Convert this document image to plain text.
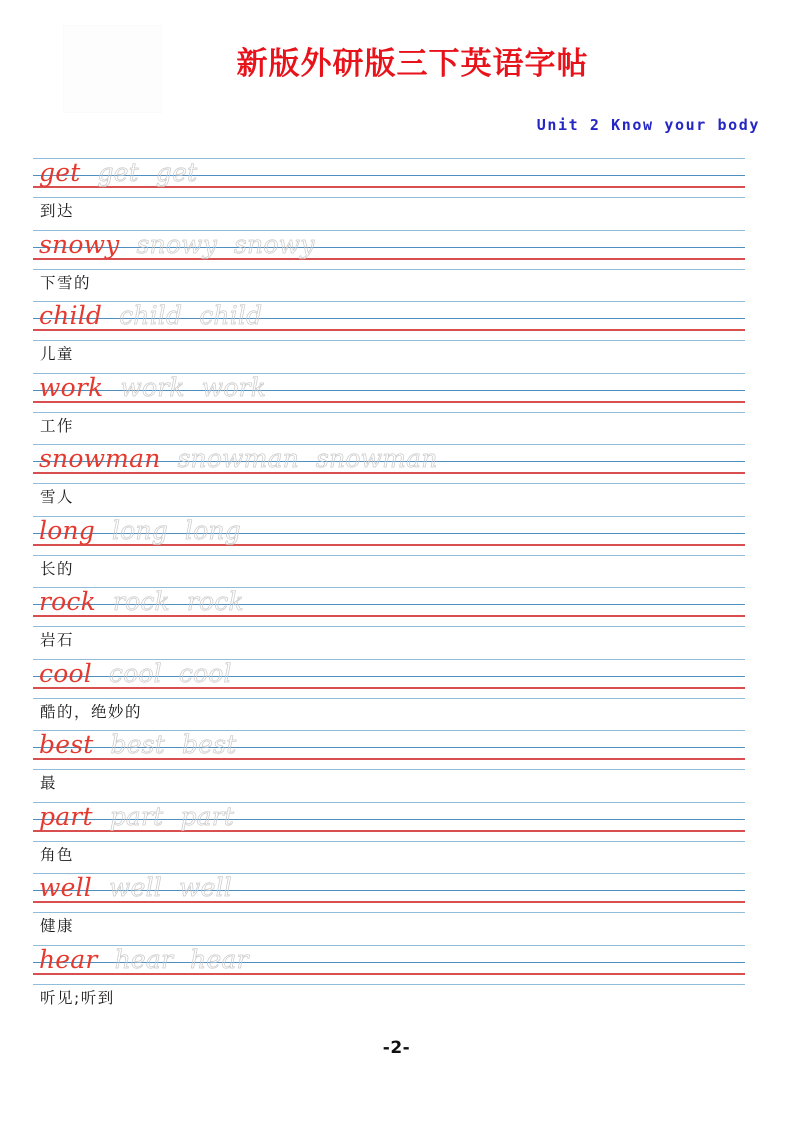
新版外研版三下英语字帖
Unit 2 Know your body
get get get
到达
snowy snowy snowy
下雪的
child child child
儿童
work work work
工作
snowman snowman snowman
雪人
long long long
长的
rock rock rock
岩石
cool cool cool
酷的，绝妙的
best best best
最
part part part
角色
well well well
健康
hear hear hear
听见;听到
-2-
